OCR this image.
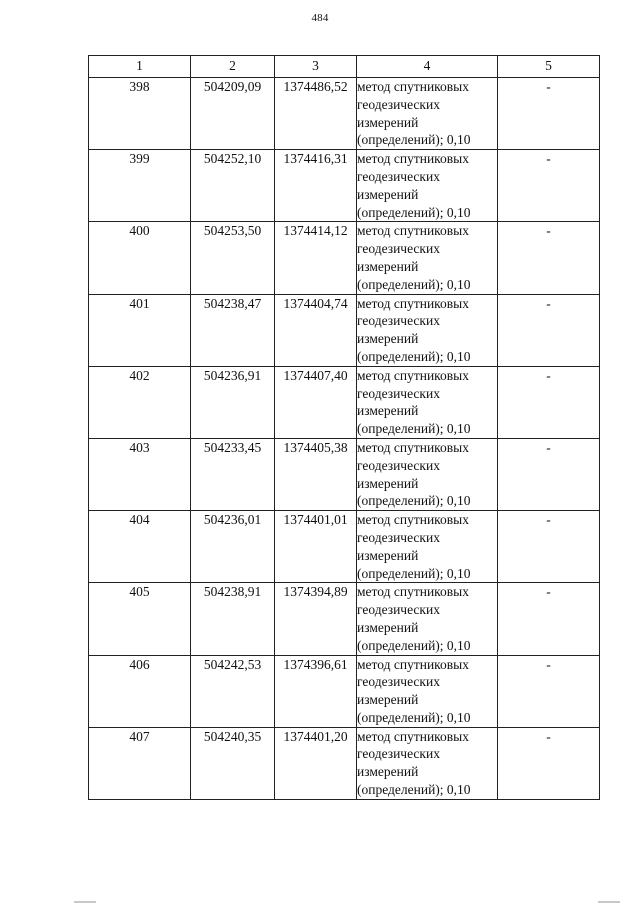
484
1	2	3	4	5
398	504209,09	1374486,52	метод спутниковых
геодезических
измерений
(определений); 0,10	-
399	504252,10	1374416,31	метод спутниковых
геодезических
измерений
(определений); 0,10	-
400	504253,50	1374414,12	метод спутниковых
геодезических
измерений
(определений); 0,10	-
401	504238,47	1374404,74	метод спутниковых
геодезических
измерений
(определений); 0,10	-
402	504236,91	1374407,40	метод спутниковых
геодезических
измерений
(определений); 0,10	-
403	504233,45	1374405,38	метод спутниковых
геодезических
измерений
(определений); 0,10	-
404	504236,01	1374401,01	метод спутниковых
геодезических
измерений
(определений); 0,10	-
405	504238,91	1374394,89	метод спутниковых
геодезических
измерений
(определений); 0,10	-
406	504242,53	1374396,61	метод спутниковых
геодезических
измерений
(определений); 0,10	-
407	504240,35	1374401,20	метод спутниковых
геодезических
измерений
(определений); 0,10	-
